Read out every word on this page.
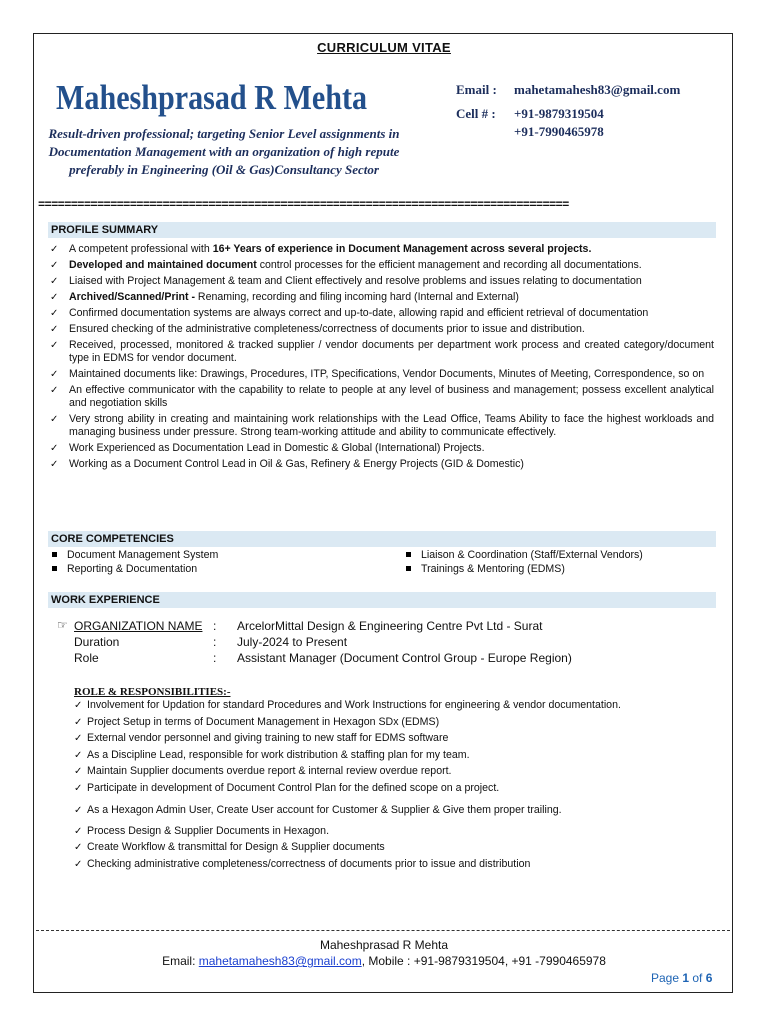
CURRICULUM VITAE
Maheshprasad R Mehta
Result-driven professional; targeting Senior Level assignments in Documentation Management with an organization of high repute preferably in Engineering (Oil & Gas)Consultancy Sector
Email :	mahetamahesh83@gmail.com
Cell # :	+91-9879319504
+91-7990465978
=================================================================================
PROFILE SUMMARY
✓ A competent professional with 16+ Years of experience in Document Management across several projects.
✓ Developed and maintained document control processes for the efficient management and recording all documentations.
✓ Liaised with Project Management & team and Client effectively and resolve problems and issues relating to documentation
✓ Archived/Scanned/Print - Renaming, recording and filing incoming hard (Internal and External)
✓ Confirmed documentation systems are always correct and up-to-date, allowing rapid and efficient retrieval of documentation
✓ Ensured checking of the administrative completeness/correctness of documents prior to issue and distribution.
✓ Received, processed, monitored & tracked supplier / vendor documents per department work process and created category/document type in EDMS for vendor document.
✓ Maintained documents like: Drawings, Procedures, ITP, Specifications, Vendor Documents, Minutes of Meeting, Correspondence, so on
✓ An effective communicator with the capability to relate to people at any level of business and management; possess excellent analytical and negotiation skills
✓ Very strong ability in creating and maintaining work relationships with the Lead Office, Teams Ability to face the highest workloads and managing business under pressure. Strong team-working attitude and ability to communicate effectively.
✓ Work Experienced as Documentation Lead in Domestic & Global (International) Projects.
✓ Working as a Document Control Lead in Oil & Gas, Refinery & Energy Projects (GID & Domestic)
CORE COMPETENCIES
Document Management System
Reporting & Documentation
Liaison & Coordination (Staff/External Vendors)
Trainings & Mentoring (EDMS)
WORK EXPERIENCE
☞ ORGANIZATION NAME : ArcelorMittal Design & Engineering Centre Pvt Ltd - Surat
Duration	: July-2024 to Present
Role	: Assistant Manager (Document Control Group - Europe Region)
ROLE & RESPONSIBILITIES:-
✓ Involvement for Updation for standard Procedures and Work Instructions for engineering & vendor documentation.
✓ Project Setup in terms of Document Management in Hexagon SDx (EDMS)
✓ External vendor personnel and giving training to new staff for EDMS software
✓ As a Discipline Lead, responsible for work distribution & staffing plan for my team.
✓ Maintain Supplier documents overdue report & internal review overdue report.
✓ Participate in development of Document Control Plan for the defined scope on a project.
✓ As a Hexagon Admin User, Create User account for Customer & Supplier & Give them proper trailing.
✓ Process Design & Supplier Documents in Hexagon.
✓ Create Workflow & transmittal for Design & Supplier documents
✓ Checking administrative completeness/correctness of documents prior to issue and distribution
Maheshprasad R Mehta
Email: mahetamahesh83@gmail.com, Mobile : +91-9879319504, +91 -7990465978
Page 1 of 6
